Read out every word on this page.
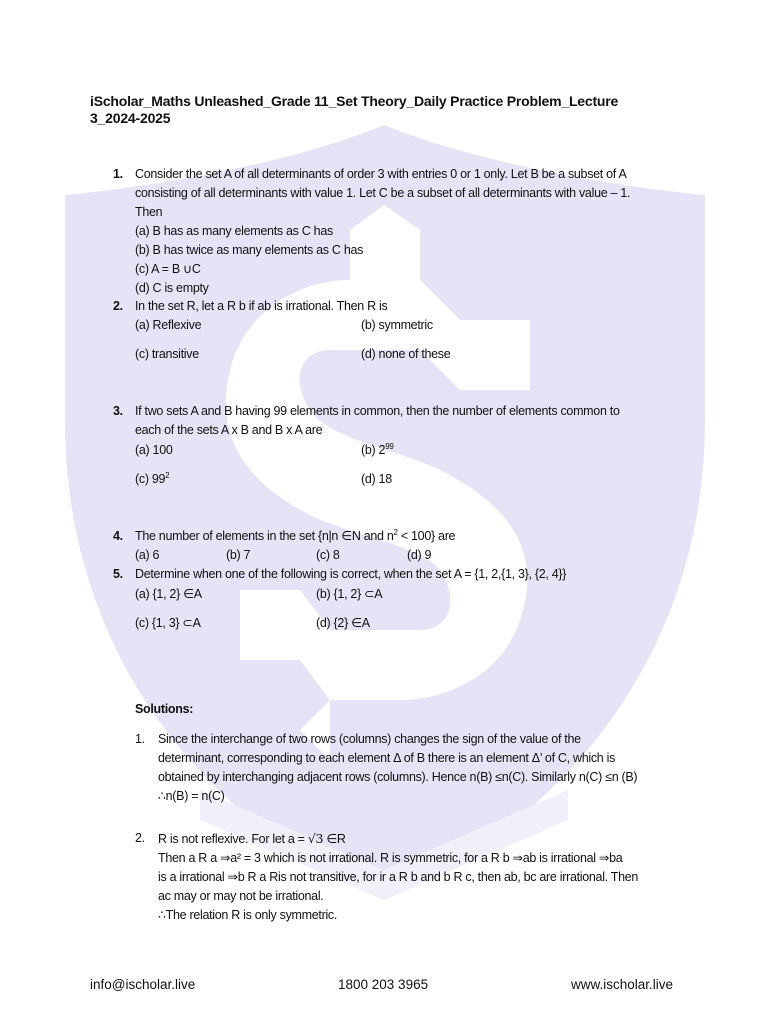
iScholar_Maths Unleashed_Grade 11_Set Theory_Daily Practice Problem_Lecture
3_2024-2025
1. Consider the set A of all determinants of order 3 with entries 0 or 1 only. Let B be a subset of A
consisting of all determinants with value 1. Let C be a subset of all determinants with value – 1.
Then
(a) B has as many elements as C has
(b) B has twice as many elements as C has
(c) A = B ∪C
(d) C is empty
2. In the set R, let a R b if ab is irrational. Then R is
(a) Reflexive	(b) symmetric
(c) transitive	(d) none of these
3. If two sets A and B having 99 elements in common, then the number of elements common to
each of the sets A x B and B x A are
(a) 100	(b) $2^{99}$
(c) $99^2$	(d) 18
4. The number of elements in the set {n|n ∈N and $n^2 < 100$} are
(a) 6	(b) 7	(c) 8	(d) 9
5. Determine when one of the following is correct, when the set A = {1, 2,{1, 3}, {2, 4}}
(a) {1, 2} ∈A	(b) {1, 2} ⊂A
(c) {1, 3} ⊂A	(d) {2} ∈A
Solutions:
1. Since the interchange of two rows (columns) changes the sign of the value of the
determinant, corresponding to each element Δ of B there is an element Δ’ of C, which is
obtained by interchanging adjacent rows (columns). Hence n(B) ≤n(C). Similarly n(C) ≤n (B)
∴n(B) = n(C)
2. R is not reflexive. For let a = √3 ∈R
Then a R a ⇒a² = 3 which is not irrational. R is symmetric, for a R b ⇒ab is irrational ⇒ba
is a irrational ⇒b R a Ris not transitive, for ir a R b and b R c, then ab, bc are irrational. Then
ac may or may not be irrational.
∴The relation R is only symmetric.
info@ischolar.live	1800 203 3965	www.ischolar.live
